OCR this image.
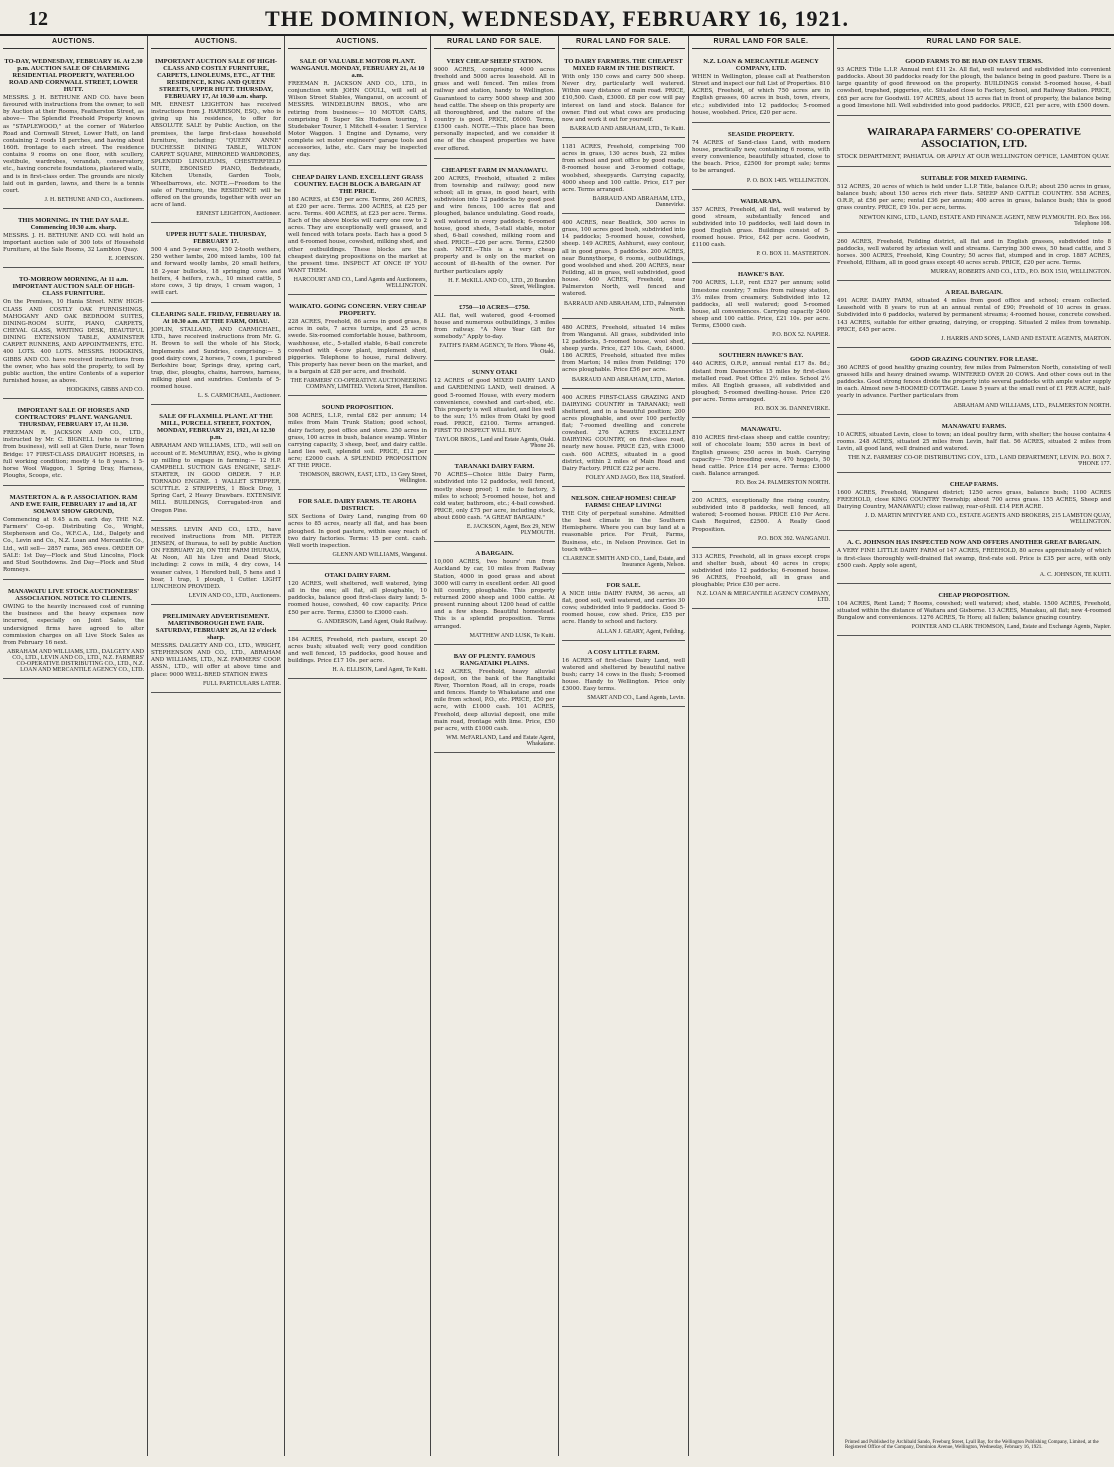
12	THE DOMINION, WEDNESDAY, FEBRUARY 16, 1921.
AUCTIONS.
TO-DAY, WEDNESDAY, FEBRUARY 16. At 2.30 p.m. AUCTION SALE OF CHARMING RESIDENTIAL PROPERTY, WATERLOO ROAD AND CORNWALL STREET, LOWER HUTT.

MESSRS. J. H. BETHUNE AND CO. have been favoured with instructions from the owner, to sell by Auction at their Rooms, Featherston Street, as above— The Splendid Freehold Property known as "STAPLEWOOD," at the corner of Waterloo Road and Cornwall Street, Lower Hutt, on land containing 2 roods 18 perches, and having about 160ft. frontage to each street. The residence contains 9 rooms on one floor, with scullery, vestibule, wardrobes, verandah, conservatory, etc., having concrete foundations, plastered walls, and is in first-class order. The grounds are nicely laid out in garden, lawns, and there is a tennis court.

J. H. BETHUNE AND CO., Auctioneers.
THIS MORNING. IN THE DAY SALE. Commencing 10.30 a.m. sharp.

MESSRS. J. H. BETHUNE AND CO. will hold an important auction sale of 300 lots of Household Furniture, at the Sale Rooms, 32 Lambton Quay.

E. JOHNSON.
TO-MORROW MORNING, At 11 a.m. IMPORTANT AUCTION SALE OF HIGH-CLASS FURNITURE.

On the Premises, 10 Hania Street. NEW HIGH-CLASS AND COSTLY OAK FURNISHINGS, MAHOGANY AND OAK BEDROOM SUITES, DINING-ROOM SUITE, PIANO, CARPETS, CHEVAL GLASS, WRITING DESK, BEAUTIFUL DINING EXTENSION TABLE, AXMINSTER CARPET RUNNERS, AND APPOINTMENTS, ETC. 400 LOTS. 400 LOTS. MESSRS. HODGKINS, GIBBS AND CO. have received instructions from the owner, who has sold the property, to sell by public auction, the entire Contents of a superior furnished house, as above.

HODGKINS, GIBBS AND CO.
IMPORTANT SALE OF HORSES AND CONTRACTORS' PLANT. WANGANUI. THURSDAY, FEBRUARY 17, At 11.30.

FREEMAN R. JACKSON AND CO., LTD., instructed by Mr. C. BIGNELL (who is retiring from business), will sell at Glen Durie, near Town Bridge: 17 FIRST-CLASS DRAUGHT HORSES, in full working condition; mostly 4 to 8 years. 1 5-horse Wool Waggon, 1 Spring Dray, Harness, Ploughs, Scoops, etc.

MASTERTON A. & P. ASSOCIATION. RAM AND EWE FAIR, FEBRUARY 17 and 18, AT SOLWAY SHOW GROUND,

Commencing at 9.45 a.m. each day. THE N.Z. Farmers' Co-op. Distributing Co., Wright, Stephenson and Co., W.F.C.A., Ltd., Dalgety and Co., Levin and Co., N.Z. Loan and Mercantile Co., Ltd., will sell— 2857 rams, 365 ewes. ORDER OF SALE: 1st Day—Flock and Stud Lincolns, Flock and Stud Southdowns. 2nd Day—Flock and Stud Romneys.

MANAWATU LIVE STOCK AUCTIONEERS' ASSOCIATION. NOTICE TO CLIENTS.

OWING to the heavily increased cost of running the business and the heavy expenses now incurred, especially on Joint Sales, the undersigned firms have agreed to alter commission charges on all Live Stock Sales as from February 16 next.

ABRAHAM AND WILLIAMS, LTD., DALGETY AND CO., LTD., LEVIN AND CO., LTD., N.Z. FARMERS' CO-OPERATIVE DISTRIBUTING CO., LTD., N.Z. LOAN AND MERCANTILE AGENCY CO., LTD.
AUCTIONS.
IMPORTANT AUCTION SALE OF HIGH-CLASS AND COSTLY FURNITURE, CARPETS, LINOLEUMS, ETC., AT THE RESIDENCE, KING AND QUEEN STREETS, UPPER HUTT. THURSDAY, FEBRUARY 17, At 10.30 a.m. sharp.

MR. ERNEST LEIGHTON has received instructions from J. HARRISON, ESQ., who is giving up his residence, to offer for ABSOLUTE SALE by Public Auction, on the premises, the large first-class household furniture, including: "QUEEN ANNE" DUCHESSE DINING TABLE, WILTON CARPET SQUARE, MIRRORED WARDROBES, SPLENDID LINOLEUMS, CHESTERFIELD SUITE, EBONISED PIANO, Bedsteads, Kitchen Utensils, Garden Tools, Wheelbarrows, etc. NOTE.—Freedom to the sale of Furniture, the RESIDENCE will be offered on the grounds, together with over an acre of land.

ERNEST LEIGHTON, Auctioneer.
UPPER HUTT SALE. THURSDAY, FEBRUARY 17.

500 4 and 5-year ewes, 150 2-tooth wethers, 250 wether lambs, 200 mixed lambs, 100 fat and forward woolly lambs, 20 small heifers, 18 2-year bullocks, 18 springing cows and heifers, 4 heifers, r.w.h., 10 mixed cattle, 5 store cows, 3 tip drays, 1 cream wagon, 1 swill cart.

CLEARING SALE. FRIDAY, FEBRUARY 18. At 10.30 a.m. AT THE FARM, OHAU.

JOPLIN, STALLARD, AND CARMICHAEL, LTD., have received instructions from Mr. G. H. Brown to sell the whole of his Stock, Implements and Sundries, comprising:— 5 good dairy cows, 2 horses, 7 cows, 1 purebred Berkshire boar, Springs dray, spring cart, trap, disc, ploughs, chains, harrows, harness, milking plant and sundries. Contents of 5-roomed house.

L. S. CARMICHAEL, Auctioneer.
SALE OF FLAXMILL PLANT. AT THE MILL, PURCELL STREET, FOXTON, MONDAY, FEBRUARY 21, 1921, At 12.30 p.m.

ABRAHAM AND WILLIAMS, LTD., will sell on account of E. McMURRAY, ESQ., who is giving up milling to engage in farming:— 12 H.P. CAMPBELL SUCTION GAS ENGINE, SELF-STARTER, IN GOOD ORDER. 7 H.P. TORNADO ENGINE. 1 WALLET STRIPPER, SCUTTLE. 2 STRIPPERS, 1 Block Dray, 1 Spring Cart, 2 Heavy Drawbars. EXTENSIVE MILL BUILDINGS, Corrugated-iron and Oregon Pine.

MESSRS. LEVIN AND CO., LTD., have received instructions from MR. PETER JENSEN, of Ihuraua, to sell by public Auction ON FEBRUARY 28, ON THE FARM IHURAUA, At Noon, All his Live and Dead Stock, including: 2 cows in milk, 4 dry cows, 14 weaner calves, 1 Hereford bull, 5 hens and 1 boar, 1 trap, 1 plough, 1 Cutter. LIGHT LUNCHEON PROVIDED.

LEVIN AND CO., LTD., Auctioneers.
PRELIMINARY ADVERTISEMENT. MARTINBOROUGH EWE FAIR. SATURDAY, FEBRUARY 26, At 12 o'clock sharp.

MESSRS. DALGETY AND CO., LTD., WRIGHT, STEPHENSON AND CO., LTD., ABRAHAM AND WILLIAMS, LTD., N.Z. FARMERS' COOP. ASSN., LTD., will offer at above time and place: 9000 WELL-BRED STATION EWES

FULL PARTICULARS LATER.
AUCTIONS.
SALE OF VALUABLE MOTOR PLANT. WANGANUI. MONDAY, FEBRUARY 21, At 10 a.m.

FREEMAN R. JACKSON AND CO., LTD., in conjunction with JOHN COULL, will sell at Wilson Street Stables, Wanganui, on account of MESSRS. WINDELBURN BROS., who are retiring from business:— 10 MOTOR CARS, comprising 8 Super Six Hudson touring, 1 Studebaker Tourer, 1 Mitchell 4-seater. 1 Service Motor Waggon. 1 Engine and Dynamo, very complete set motor engineers' garage tools and accessories, lathe, etc. Cars may be inspected any day.

CHEAP DAIRY LAND. EXCELLENT GRASS COUNTRY. EACH BLOCK A BARGAIN AT THE PRICE.

180 ACRES, at £50 per acre. Terms, 260 ACRES, at £20 per acre. Terms. 200 ACRES, at £25 per acre. Terms. 400 ACRES, at £23 per acre. Terms. Each of the above blocks will carry one cow to 2 acres. They are exceptionally well grassed, and well fenced with totara posts. Each has a good 5 and 6-roomed house, cowshed, milking shed, and other outbuildings. These blocks are the cheapest dairying propositions on the market at the present time. INSPECT AT ONCE IF YOU WANT THEM.

HARCOURT AND CO., Land Agents and Auctioneers, WELLINGTON.
WAIKATO. GOING CONCERN. VERY CHEAP PROPERTY.

228 ACRES, Freehold, 86 acres in good grass, 8 acres in oats, 7 acres turnips, and 25 acres swede. Six-roomed comfortable house, bathroom, washhouse, etc., 5-stalled stable, 6-bail concrete cowshed with 4-cow plant, implement shed, piggeries. Telephone to house, rural delivery. This property has never been on the market, and is a bargain at £28 per acre, and freehold.

THE FARMERS' CO-OPERATIVE AUCTIONEERING COMPANY, LIMITED. Victoria Street, Hamilton.
SOUND PROPOSITION.

508 ACRES, L.I.P., rental £82 per annum; 14 miles from Main Trunk Station; good school, dairy factory, post office and store. 250 acres in grass, 100 acres in bush, balance swamp. Winter carrying capacity, 3 sheep, beef, and dairy cattle. Land lies well, splendid soil. PRICE, £12 per acre; £2000 cash. A SPLENDID PROPOSITION AT THE PRICE.

THOMSON, BROWN, EAST, LTD., 13 Grey Street, Wellington.
FOR SALE. DAIRY FARMS. TE AROHA DISTRICT.

SIX Sections of Dairy Land, ranging from 60 acres to 85 acres, nearly all flat, and has been ploughed. In good pasture, within easy reach of two dairy factories. Terms: 15 per cent. cash. Well worth inspection.

GLENN AND WILLIAMS, Wanganui.
OTAKI DAIRY FARM.

120 ACRES, well sheltered, well watered, lying all in the one; all flat, all ploughable, 10 paddocks, balance good first-class dairy land; 5-roomed house, cowshed, 40 cow capacity. Price £50 per acre. Terms, £3500 to £3000 cash.

G. ANDERSON, Land Agent, Otaki Railway.

184 ACRES, Freehold, rich pasture, except 20 acres bush; situated well; very good condition and well fenced, 15 paddocks, good house and buildings. Price £17 10s. per acre.

H. A. ELLISON, Land Agent, Te Kuiti.
RURAL LAND FOR SALE.
VERY CHEAP SHEEP STATION.

9000 ACRES, comprising 4000 acres freehold and 5000 acres leasehold. All in grass and well fenced. Ten miles from railway and station, handy to Wellington. Guaranteed to carry 5000 sheep and 300 head cattle. The sheep on this property are all thoroughbred, and the nature of the country is good. PRICE, £6000. Terms, £1500 cash. NOTE.—This place has been personally inspected, and we consider it one of the cheapest properties we have ever offered.

CHEAPEST FARM IN MANAWATU.

200 ACRES, Freehold, situated 2 miles from township and railway; good new school; all in grass, in good heart, with subdivision into 12 paddocks by good post and wire fences, 100 acres flat and ploughed, balance undulating. Good roads, well watered in every paddock; 6-roomed house, good sheds, 5-stall stable, motor shed, 6-bail cowshed, milking room and shed. PRICE—£26 per acre. Terms, £2500 cash. NOTE.—This is a very cheap property and is only on the market on account of ill-health of the owner. For further particulars apply

H. F. McKILL AND CO., LTD., 20 Brandon Street, Wellington.
£750—10 ACRES—£750.

ALL flat, well watered, good 4-roomed house and numerous outbuildings, 3 miles from railway. "A New Year Gift for somebody." Apply to-day.

FAITH'S FARM AGENCY, Te Horo. 'Phone 46, Otaki.
SUNNY OTAKI

12 ACRES of good MIXED DAIRY LAND and GARDENING LAND, well drained. A good 5-roomed House, with every modern convenience, cowshed and cart-shed, etc. This property is well situated, and lies well to the sun; 1½ miles from Otaki by good road. PRICE, £2100. Terms arranged. FIRST TO INSPECT WILL BUY.

TAYLOR BROS., Land and Estate Agents, Otaki. 'Phone 26.
TARANAKI DAIRY FARM.

70 ACRES—Choice little Dairy Farm, subdivided into 12 paddocks, well fenced, mostly sheep proof; 1 mile to factory, 3 miles to school; 5-roomed house, hot and cold water, bathroom, etc.; 4-bail cowshed. PRICE, only £75 per acre, including stock, about £600 cash. "A GREAT BARGAIN."

E. JACKSON, Agent, Box 29, NEW PLYMOUTH.
A BARGAIN.

10,000 ACRES, two hours' run from Auckland by car, 10 miles from Railway Station, 4000 in good grass and about 3000 will carry in excellent order. All good hill country, ploughable. This property returned 2000 sheep and 1000 cattle. At present running about 1200 head of cattle and a few sheep. Beautiful homestead. This is a splendid proposition. Terms arranged.

MATTHEW AND LUSK, Te Kuiti.
BAY OF PLENTY. FAMOUS RANGATAIKI PLAINS.

142 ACRES, Freehold, heavy alluvial deposit, on the bank of the Rangitaiki River, Thornton Road, all in crops, roads and fences. Handy to Whakatane and one mile from school, P.O., etc. PRICE, £50 per acre, with £1000 cash. 101 ACRES, Freehold, deep alluvial deposit, one mile main road, frontage with lime. Price, £50 per acre, with £1000 cash.

WM. McFARLAND, Land and Estate Agent, Whakatane.
RURAL LAND FOR SALE.
TO DAIRY FARMERS. THE CHEAPEST MIXED FARM IN THE DISTRICT.

With only 150 cows and carry 500 sheep. Never dry, particularly well watered. Within easy distance of main road. PRICE, £10,500. Cash, £3000. £8 per cow will pay interest on land and stock. Balance for owner. Find out what cows are producing now and work it out for yourself.

BARRAUD AND ABRAHAM, LTD., Te Kuiti.

1181 ACRES, Freehold, comprising 700 acres in grass, 130 acres bush, 22 miles from school and post office by good roads; 8-roomed house and 3-roomed cottage, woolshed, sheepyards. Carrying capacity, 4000 sheep and 100 cattle. Price, £17 per acre. Terms arranged.

BARRAUD AND ABRAHAM, LTD., Dannevirke.

400 ACRES, near Beatlick, 300 acres in grass, 100 acres good bush, subdivided into 14 paddocks; 5-roomed house, cowshed, sheep. 149 ACRES, Ashhurst, easy contour, all in good grass, 5 paddocks. 200 ACRES, near Bunnythorpe, 6 rooms, outbuildings, good woolshed and shed. 200 ACRES, near Feilding, all in grass, well subdivided, good house. 400 ACRES, Freehold, near Palmerston North, well fenced and watered.

BARRAUD AND ABRAHAM, LTD., Palmerston North.

480 ACRES, Freehold, situated 14 miles from Wanganui. All grass, subdivided into 12 paddocks, 5-roomed house, wool shed, sheep yards. Price, £27 10s. Cash, £4000. 186 ACRES, Freehold, situated five miles from Marton; 14 miles from Feilding; 170 acres ploughable. Price £56 per acre.

BARRAUD AND ABRAHAM, LTD., Marton.

400 ACRES FIRST-CLASS GRAZING AND DAIRYING COUNTRY in TARANAKI; well sheltered, and in a beautiful position; 200 acres ploughable, and over 100 perfectly flat; 7-roomed dwelling and concrete cowshed. 276 ACRES EXCELLENT DAIRYING COUNTRY, on first-class road, nearly new house. PRICE £25, with £3000 cash. 600 ACRES, situated in a good district, within 2 miles of Main Road and Dairy Factory. PRICE £22 per acre.

FOLEY AND JAGO, Box 118, Stratford.
NELSON. CHEAP HOMES! CHEAP FARMS! CHEAP LIVING!

THE City of perpetual sunshine. Admitted the best climate in the Southern Hemisphere. Where you can buy land at a reasonable price. For Fruit, Farms, Business, etc., in Nelson Province. Get in touch with—

CLARENCE SMITH AND CO., Land, Estate, and Insurance Agents, Nelson.
FOR SALE.

A NICE little DAIRY FARM, 36 acres, all flat, good soil, well watered, and carries 30 cows; subdivided into 9 paddocks. Good 5-roomed house, cow shed. Price, £55 per acre. Handy to school and factory.

ALLAN J. GEARY, Agent, Feilding.
A COSY LITTLE FARM.

16 ACRES of first-class Dairy Land, well watered and sheltered by beautiful native bush; carry 14 cows in the flush; 5-roomed house. Handy to Wellington. Price only £3000. Easy terms.

SMART AND CO., Land Agents, Levin.
RURAL LAND FOR SALE.
N.Z. LOAN & MERCANTILE AGENCY COMPANY, LTD.

WHEN in Wellington, please call at Featherston Street and inspect our full List of Properties. 810 ACRES, Freehold, of which 750 acres are in English grasses, 60 acres in bush, town, rivers, etc.; subdivided into 12 paddocks; 5-roomed house, woolshed. Price, £20 per acre.

SEASIDE PROPERTY.

74 ACRES of Sand-class Land, with modern house, practically new, containing 6 rooms, with every convenience, beautifully situated, close to the beach. Price, £2500 for prompt sale; terms to be arranged.

P. O. BOX 1405. WELLINGTON.
WAIRARAPA.

357 ACRES, Freehold, all flat, well watered by good stream, substantially fenced and subdivided into 10 paddocks, well laid down in good English grass. Buildings consist of 5-roomed house. Price, £42 per acre. Goodwin, £1100 cash.

P. O. BOX 11. MASTERTON.
HAWKE'S BAY.

700 ACRES, L.I.P., rent £527 per annum; solid limestone country; 7 miles from railway station, 3½ miles from creamery. Subdivided into 12 paddocks, all well watered; good 5-roomed house, all conveniences. Carrying capacity 2400 sheep and 100 cattle. Price, £21 10s. per acre. Terms, £5000 cash.

P.O. BOX 52. NAPIER.
SOUTHERN HAWKE'S BAY.

440 ACRES, O.R.P., annual rental £17 8s. 8d.; distant from Dannevirke 15 miles by first-class metalled road. Post Office 2½ miles. School 2½ miles. All English grasses, all subdivided and ploughed; 5-roomed dwelling-house. Price £20 per acre. Terms arranged.

P.O. BOX 36. DANNEVIRKE.
MANAWATU.

810 ACRES first-class sheep and cattle country; soil of chocolate loam; 550 acres in best of English grasses; 250 acres in bush. Carrying capacity— 750 breeding ewes, 470 hoggets, 50 head cattle. Price £14 per acre. Terms: £3000 cash. Balance arranged.

P.O. Box 24. PALMERSTON NORTH.

200 ACRES, exceptionally fine rising country, subdivided into 8 paddocks, well fenced, all watered; 5-roomed house. PRICE £10 Per Acre. Cash Required, £2500. A Really Good Proposition.

P.O. BOX 392. WANGANUI.

313 ACRES, Freehold, all in grass except crops and shelter bush, about 40 acres in crops; subdivided into 12 paddocks; 6-roomed house. 96 ACRES, Freehold, all in grass and ploughable; Price £30 per acre.

N.Z. LOAN & MERCANTILE AGENCY COMPANY, LTD.
RURAL LAND FOR SALE.
GOOD FARMS TO BE HAD ON EASY TERMS.

93 ACRES Title L.I.P. Annual rent £11 2s. All flat, well watered and subdivided into convenient paddocks. About 30 paddocks ready for the plough, the balance being in good pasture. There is a large quantity of good firewood on the property. BUILDINGS consist 5-roomed house, 4-bail cowshed, trapshed, piggeries, etc. Situated close to Factory, School, and Railway Station. PRICE, £65 per acre for Goodwill. 197 ACRES, about 15 acres flat in front of property, the balance being a good limestone hill. Well subdivided into good paddocks. PRICE, £21 per acre, with £500 down.

WAIRARAPA FARMERS' CO-OPERATIVE ASSOCIATION, LTD.

STOCK DEPARTMENT, PAHIATUA. OR APPLY AT OUR WELLINGTON OFFICE, LAMBTON QUAY.

SUITABLE FOR MIXED FARMING.

512 ACRES, 20 acres of which is held under L.I.P. Title, balance O.R.P.; about 250 acres in grass, balance bush; about 150 acres rich river flats. SHEEP AND CATTLE COUNTRY. 558 ACRES, O.R.P., at £56 per acre; rental £36 per annum; 400 acres in grass, balance bush; this is good grass country. PRICE, £9 10s. per acre, terms.

NEWTON KING, LTD., LAND, ESTATE AND FINANCE AGENT, NEW PLYMOUTH. P.O. Box 166. Telephone 108.

260 ACRES, Freehold, Feilding district, all flat and in English grasses, subdivided into 8 paddocks, well watered by artesian well and streams. Carrying 300 ewes, 50 head cattle, and 3 horses. 300 ACRES, Freehold, King Country; 50 acres flat, stumped and in crop. 1887 ACRES, Freehold, Eltham, all in good grass except 40 acres scrub. PRICE, £20 per acre. Terms.

MURRAY, ROBERTS AND CO., LTD., P.O. BOX 1510, WELLINGTON.
A REAL BARGAIN.

491 ACRE DAIRY FARM, situated 4 miles from good office and school; cream collected. Leasehold with 8 years to run at an annual rental of £90; Freehold of 10 acres in grass. Subdivided into 6 paddocks, watered by permanent streams; 4-roomed house, concrete cowshed. 143 ACRES, suitable for either grazing, dairying, or cropping. Situated 2 miles from township. PRICE, £45 per acre.

J. HARRIS AND SONS, LAND AND ESTATE AGENTS, MARTON.
GOOD GRAZING COUNTRY. FOR LEASE.

360 ACRES of good healthy grazing country, few miles from Palmerston North, consisting of well grassed hills and heavy drained swamp. WINTERED OVER 20 COWS. And other cows out in the paddocks. Good strong fences divide the property into several paddocks with ample water supply in each. Almost new 5-ROOMED COTTAGE. Lease 5 years at the small rent of £1 PER ACRE, half-yearly in advance. Further particulars from

ABRAHAM AND WILLIAMS, LTD., PALMERSTON NORTH.
MANAWATU FARMS.

10 ACRES, situated Levin, close to town; an ideal poultry farm, with shelter; the house contains 4 rooms. 248 ACRES, situated 25 miles from Levin, half flat. 56 ACRES, situated 2 miles from Levin, all good land, well drained and watered.

THE N.Z. FARMERS' CO-OP. DISTRIBUTING COY., LTD., LAND DEPARTMENT, LEVIN. P.O. BOX 7. 'PHONE 177.
CHEAP FARMS.

1600 ACRES, Freehold, Wangarei district; 1250 acres grass, balance bush; 1100 ACRES FREEHOLD, close KING COUNTRY Township; about 700 acres grass. 155 ACRES, Sheep and Dairying Country, MANAWATU; close railway, rear-of-hill. £14 PER ACRE.

J. D. MARTIN M'INTYRE AND CO., ESTATE AGENTS AND BROKERS, 215 LAMBTON QUAY, WELLINGTON.
A. C. JOHNSON HAS INSPECTED NOW AND OFFERS ANOTHER GREAT BARGAIN.

A VERY FINE LITTLE DAIRY FARM of 147 ACRES, FREEHOLD, 80 acres approximately of which is first-class thoroughly well-drained flat swamp, first-rate soil. Price is £35 per acre, with only £500 cash. Apply sole agent,

A. C. JOHNSON, TE KUITI.
CHEAP PROPOSITION.

104 ACRES, Rent Land; 7 Rooms, cowshed; well watered; shed, stable. 1500 ACRES, Freehold, situated within the distance of Waitara and Gisborne. 13 ACRES, Manakau, all flat; new 4-roomed Bungalow and conveniences. 1276 ACRES, Te Horo; all fallen; balance grazing country.

POINTER AND CLARK THOMSON, Land, Estate and Exchange Agents, Napier.
Printed and Published by Archibald Sando, Freeburg Street, Lyall Bay, for the Wellington Publishing Company, Limited, at the Registered Office of the Company, Dominion Avenue, Wellington, Wednesday, February 16, 1921.
